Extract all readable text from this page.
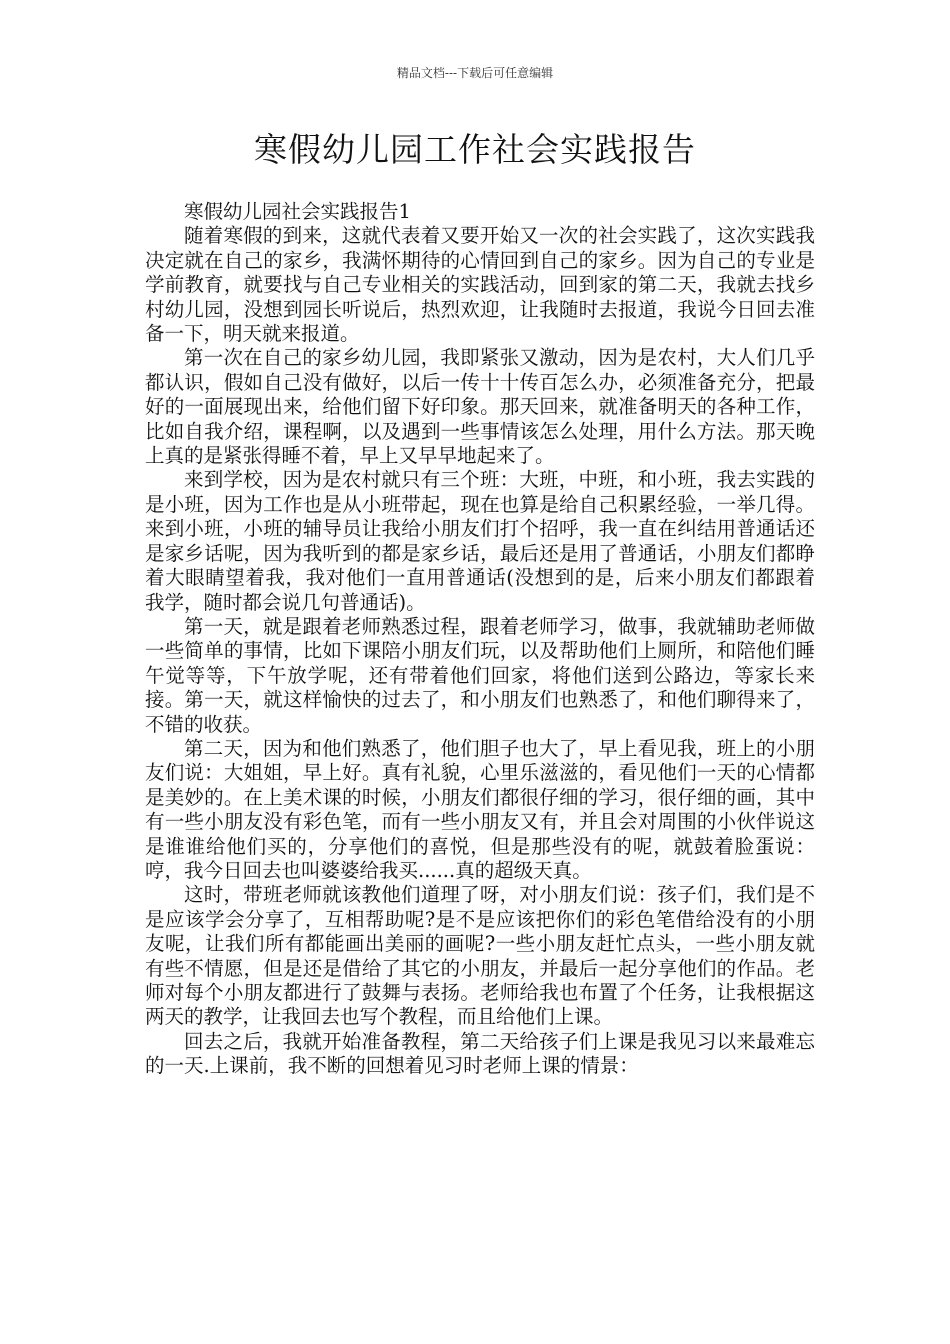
精品文档---下载后可任意编辑
寒假幼儿园工作社会实践报告

寒假幼儿园社会实践报告1

随着寒假的到来，这就代表着又要开始又一次的社会实践了，这次实践我决定就在自己的家乡，我满怀期待的心情回到自己的家乡。因为自己的专业是学前教育，就要找与自己专业相关的实践活动，回到家的第二天，我就去找乡村幼儿园，没想到园长听说后，热烈欢迎，让我随时去报道，我说今日回去准备一下，明天就来报道。

第一次在自己的家乡幼儿园，我即紧张又激动，因为是农村，大人们几乎都认识，假如自己没有做好，以后一传十十传百怎么办，必须准备充分，把最好的一面展现出来，给他们留下好印象。那天回来，就准备明天的各种工作，比如自我介绍，课程啊，以及遇到一些事情该怎么处理，用什么方法。那天晚上真的是紧张得睡不着，早上又早早地起来了。

来到学校，因为是农村就只有三个班：大班，中班，和小班，我去实践的是小班，因为工作也是从小班带起，现在也算是给自己积累经验，一举几得。来到小班，小班的辅导员让我给小朋友们打个招呼，我一直在纠结用普通话还是家乡话呢，因为我听到的都是家乡话，最后还是用了普通话，小朋友们都睁着大眼睛望着我，我对他们一直用普通话(没想到的是，后来小朋友们都跟着我学，随时都会说几句普通话)。

第一天，就是跟着老师熟悉过程，跟着老师学习，做事，我就辅助老师做一些简单的事情，比如下课陪小朋友们玩，以及帮助他们上厕所，和陪他们睡午觉等等，下午放学呢，还有带着他们回家，将他们送到公路边，等家长来接。第一天，就这样愉快的过去了，和小朋友们也熟悉了，和他们聊得来了，不错的收获。

第二天，因为和他们熟悉了，他们胆子也大了，早上看见我，班上的小朋友们说：大姐姐，早上好。真有礼貌，心里乐滋滋的，看见他们一天的心情都是美妙的。在上美术课的时候，小朋友们都很仔细的学习，很仔细的画，其中有一些小朋友没有彩色笔，而有一些小朋友又有，并且会对周围的小伙伴说这是谁谁给他们买的，分享他们的喜悦，但是那些没有的呢，就鼓着脸蛋说：哼，我今日回去也叫婆婆给我买......真的超级天真。

这时，带班老师就该教他们道理了呀，对小朋友们说：孩子们，我们是不是应该学会分享了，互相帮助呢?是不是应该把你们的彩色笔借给没有的小朋友呢，让我们所有都能画出美丽的画呢?一些小朋友赶忙点头，一些小朋友就有些不情愿，但是还是借给了其它的小朋友，并最后一起分享他们的作品。老师对每个小朋友都进行了鼓舞与表扬。老师给我也布置了个任务，让我根据这两天的教学，让我回去也写个教程，而且给他们上课。

回去之后，我就开始准备教程，第二天给孩子们上课是我见习以来最难忘的一天.上课前，我不断的回想着见习时老师上课的情景：
